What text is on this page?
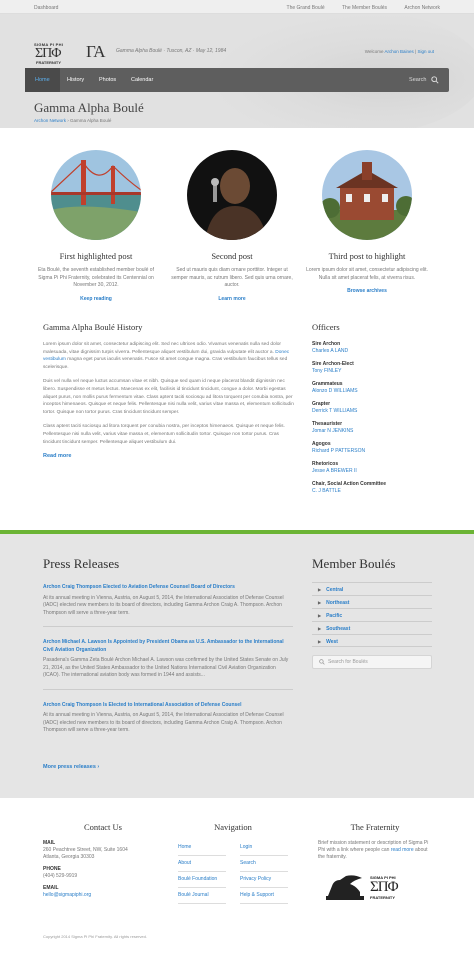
Dashboard	The Grand Boulé	The Member Boulés	Archon Network
SIGMA PI PHI
ΣΠΦ
FRATERNITY
ΓΑ Gamma Alpha Boulé · Tuscon, AZ · May 12, 1984	Welcome Archon Baines | Sign out
Home	History	Photos	Calendar	Search
Gamma Alpha Boulé
Archon Network › Gamma Alpha Boulé
First highlighted post

Eta Boulé, the seventh established member boulé of Sigma Pi Phi Fraternity, celebrated its Centennial on November 30, 2012.

Keep reading
Second post

Sed ut mauris quis diam ornare porttitor. Integer ut semper mauris, ac rutrum libero. Sed quis urna ornare, auctor.

Learn more
Third post to highlight

Lorem ipsum dolor sit amet, consectetur adipiscing elit. Nulla sit amet placerat felis, at viverra risus.

Browse archives
Gamma Alpha Boulé History

Lorem ipsum dolor sit amet, consectetur adipiscing elit. Sed nec ultrices odio. Vivamus venenatis nulla sed dolor malesuada, vitae dignissim turpis viverra. Pellentesque aliquet vestibulum dui, gravida vulputate elit auctor a. Donec vestibulum magna eget purus iaculis venenatis. Fusce sit amet congue magna. Cras vestibulum faucibus tellus sed scelerisque.

Duis vel nulla vel neque luctus accumsan vitae et nibh. Quisque sed quam id neque placerat blandit dignissim nec libero. Suspendisse et metus lectus. Maecenas ex elit, facilisis id tincidunt tincidunt, congue a dolor. Morbi egestas aliquet purus, non mollis purus fermentum vitae. Class aptent taciti sociosqu ad litora torquent per conubia nostra, per inceptos himenaeos. Quisque et neque felis. Pellentesque nisi nulla velit, varius vitae massa et, elementum sollicitudin tortor. Quisque non tortor purus. Cras tincidunt tincidunt semper.

Class aptent taciti sociosqu ad litora torquent per conubia nostra, per inceptos himenaeos. Quisque et neque felis. Pellentesque nisi nulla velit, varius vitae massa et, elementum sollicitudin tortor. Quisque non tortor purus. Cras tincidunt tincidunt semper. Pellentesque aliquet vestibulum dui.

Read more
Officers
Sire Archon
Charles A LAND
Sire Archon-Elect
Tony FINLEY
Grammateus
Alonzo D WILLIAMS
Grapter
Derrick T WILLIAMS
Thesaurister
Jomar N JENKINS
Agogos
Richard P PATTERSON
Rhetoricos
Jesse A BREWER II
Chair, Social Action Committee
C. J BATTLE
Press Releases
Archon Craig Thompson Elected to Aviation Defense Counsel Board of Directors
At its annual meeting in Vienna, Austria, on August 5, 2014, the International Association of Defense Counsel (IADC) elected new members to its board of directors, including Gamma Archon Craig A. Thompson. Archon Thompson will serve a three-year term.
Archon Michael A. Lawson Is Appointed by President Obama as U.S. Ambassador to the International Civil Aviation Organization
Pasadena's Gamma Zeta Boulé Archon Michael A. Lawson was confirmed by the United States Senate on July 21, 2014, as the United States Ambassador to the United Nations International Civil Aviation Organization (ICAO). The international aviation body was formed in 1944 and assists...
Archon Craig Thompson Is Elected to International Association of Defense Counsel
At its annual meeting in Vienna, Austria, on August 5, 2014, the International Association of Defense Counsel (IADC) elected new members to its board of directors, including Gamma Archon Craig A. Thompson. Archon Thompson will serve a three-year term.
More press releases ›
Member Boulés
▶ Central
▶ Northeast
▶ Pacific
▶ Southeast
▶ West
Search for Boulés
Contact Us
MAIL
260 Peachtree Street, NW, Suite 1604
Atlanta, Georgia 30303
PHONE
(404) 529-9919
EMAIL
hello@sigmapiphi.org
Navigation
Home	Login
About	Search
Boulé Foundation	Privacy Policy
Boulé Journal	Help & Support
The Fraternity

Brief mission statement or description of Sigma Pi Phi with a link where people can read more about the fraternity.

SIGMA PI PHI
ΣΠΦ
FRATERNITY
Copyright 2014 Sigma Pi Phi Fraternity. All rights reserved.
